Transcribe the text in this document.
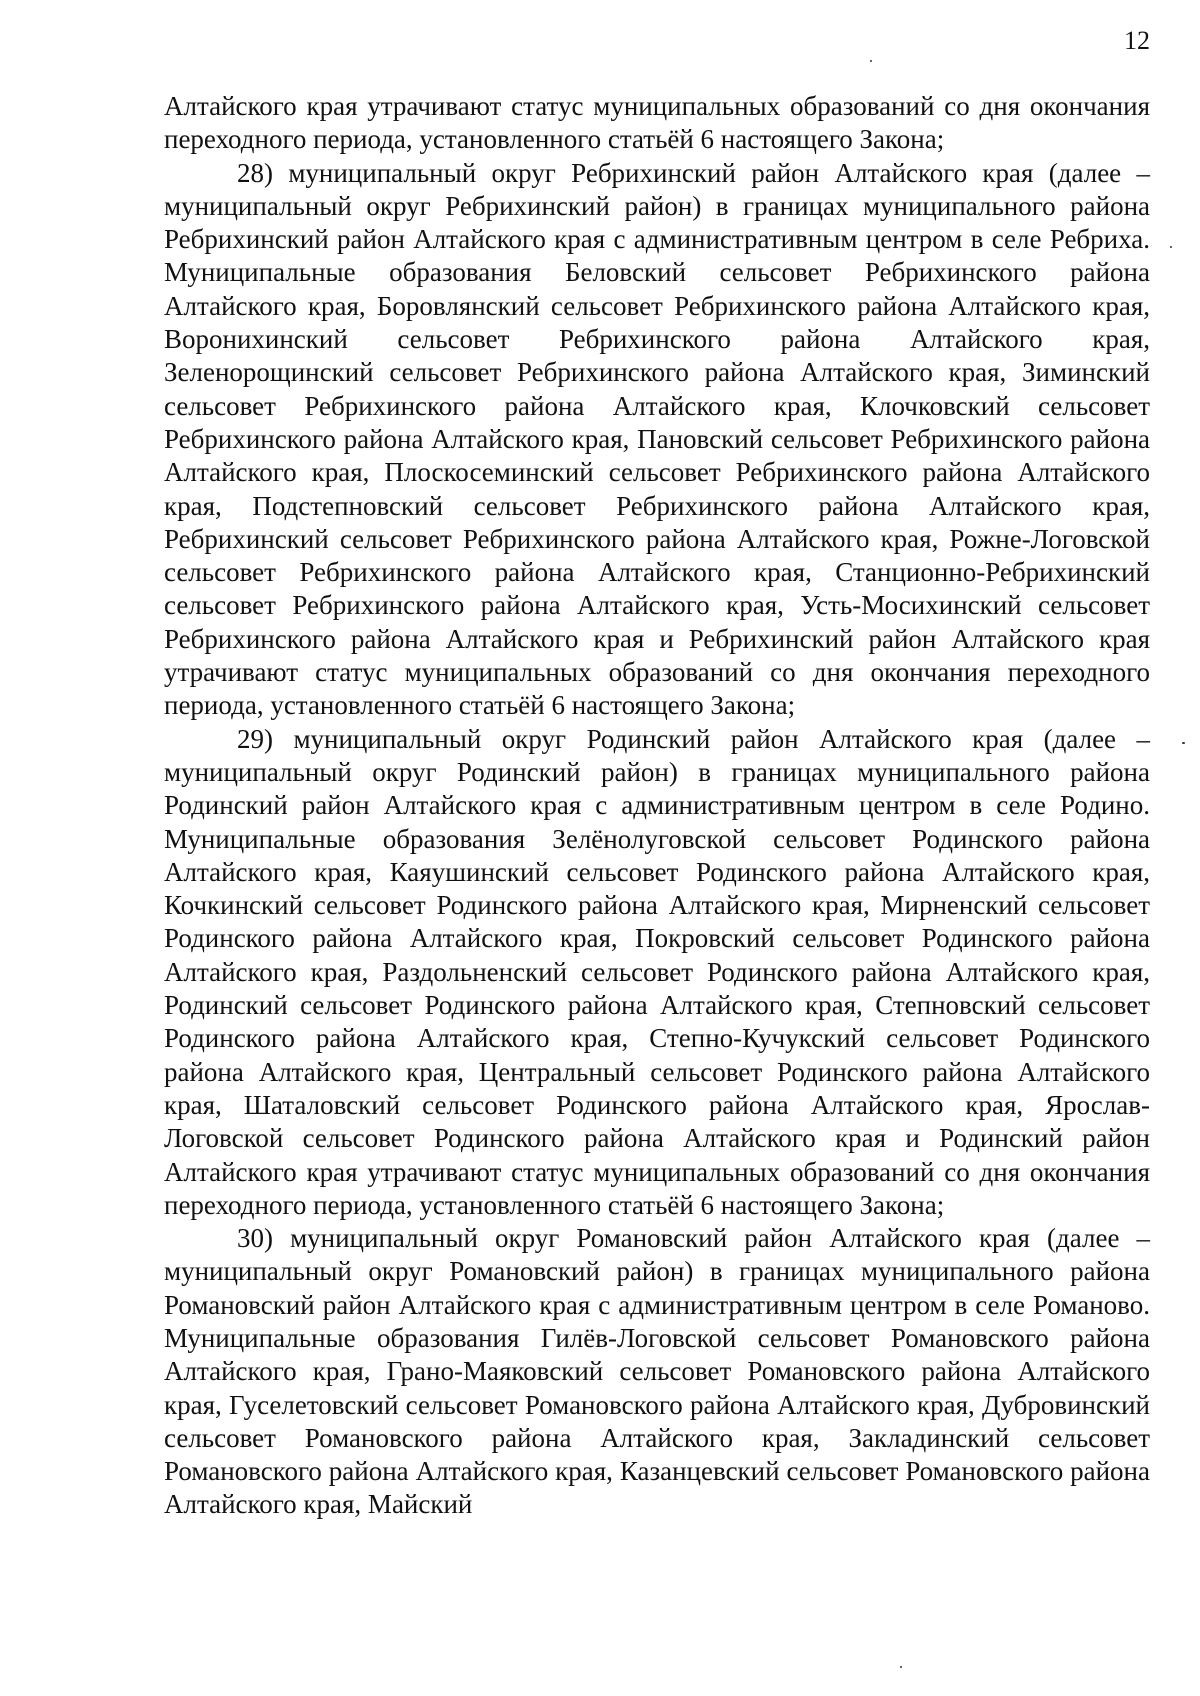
12

Алтайского края утрачивают статус муниципальных образований со дня окончания переходного периода, установленного статьёй 6 настоящего Закона;

28) муниципальный округ Ребрихинский район Алтайского края (далее – муниципальный округ Ребрихинский район) в границах муниципального района Ребрихинский район Алтайского края с административным центром в селе Ребриха. Муниципальные образования Беловский сельсовет Ребрихинского района Алтайского края, Боровлянский сельсовет Ребрихинского района Алтайского края, Воронихинский сельсовет Ребрихинского района Алтайского края, Зеленорощинский сельсовет Ребрихинского района Алтайского края, Зиминский сельсовет Ребрихинского района Алтайского края, Клочковский сельсовет Ребрихинского района Алтайского края, Пановский сельсовет Ребрихинского района Алтайского края, Плоскосеминский сельсовет Ребрихинского района Алтайского края, Подстепновский сельсовет Ребрихинского района Алтайского края, Ребрихинский сельсовет Ребрихинского района Алтайского края, Рожне-Логовской сельсовет Ребрихинского района Алтайского края, Станционно-Ребрихинский сельсовет Ребрихинского района Алтайского края, Усть-Мосихинский сельсовет Ребрихинского района Алтайского края и Ребрихинский район Алтайского края утрачивают статус муниципальных образований со дня окончания переходного периода, установленного статьёй 6 настоящего Закона;

29) муниципальный округ Родинский район Алтайского края (далее – муниципальный округ Родинский район) в границах муниципального района Родинский район Алтайского края с административным центром в селе Родино. Муниципальные образования Зелёнолуговской сельсовет Родинского района Алтайского края, Каяушинский сельсовет Родинского района Алтайского края, Кочкинский сельсовет Родинского района Алтайского края, Мирненский сельсовет Родинского района Алтайского края, Покровский сельсовет Родинского района Алтайского края, Раздольненский сельсовет Родинского района Алтайского края, Родинский сельсовет Родинского района Алтайского края, Степновский сельсовет Родинского района Алтайского края, Степно-Кучукский сельсовет Родинского района Алтайского края, Центральный сельсовет Родинского района Алтайского края, Шаталовский сельсовет Родинского района Алтайского края, Ярослав-Логовской сельсовет Родинского района Алтайского края и Родинский район Алтайского края утрачивают статус муниципальных образований со дня окончания переходного периода, установленного статьёй 6 настоящего Закона;

30) муниципальный округ Романовский район Алтайского края (далее – муниципальный округ Романовский район) в границах муниципального района Романовский район Алтайского края с административным центром в селе Романово. Муниципальные образования Гилёв-Логовской сельсовет Романовского района Алтайского края, Грано-Маяковский сельсовет Романовского района Алтайского края, Гуселетовский сельсовет Романовского района Алтайского края, Дубровинский сельсовет Романовского района Алтайского края, Закладинский сельсовет Романовского района Алтайского края, Казанцевский сельсовет Романовского района Алтайского края, Майский
